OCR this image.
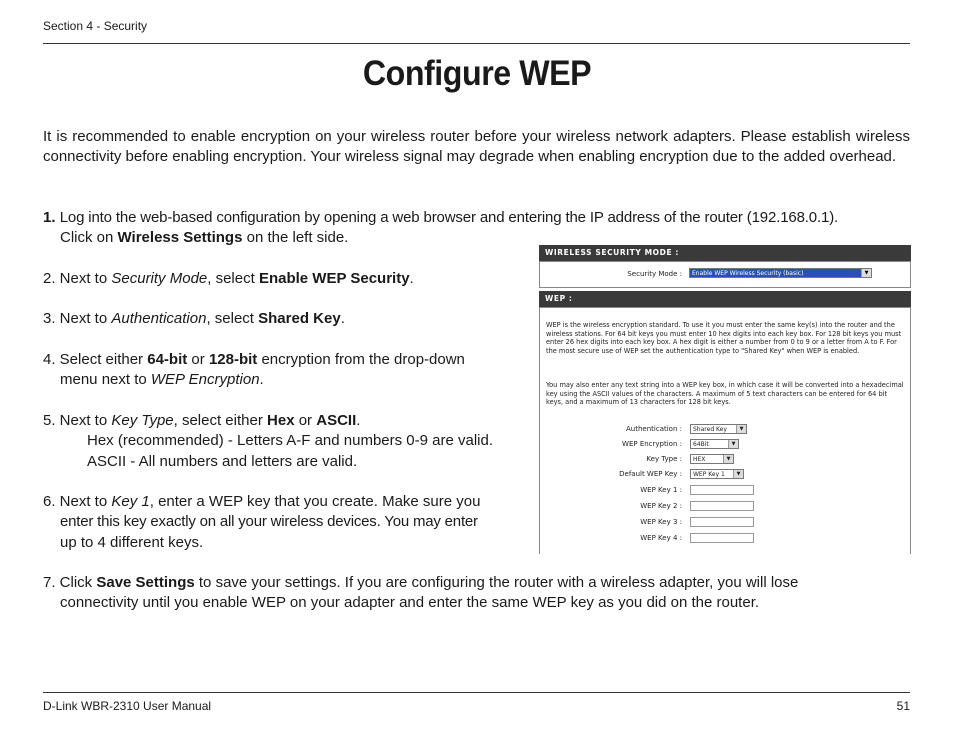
Section 4 - Security
Configure WEP
It is recommended to enable encryption on your wireless router before your wireless network adapters. Please establish wireless connectivity before enabling encryption. Your wireless signal may degrade when enabling encryption due to the added overhead.
1. Log into the web-based configuration by opening a web browser and entering the IP address of the router (192.168.0.1).
Click on Wireless Settings on the left side.
2. Next to Security Mode, select Enable WEP Security.
3. Next to Authentication, select Shared Key.
4. Select either 64-bit or 128-bit encryption from the drop-down
menu next to WEP Encryption.
5. Next to Key Type, select either Hex or ASCII.
Hex (recommended) - Letters A-F and numbers 0-9 are valid.
ASCII - All numbers and letters are valid.
6. Next to Key 1, enter a WEP key that you create. Make sure you
enter this key exactly on all your wireless devices. You may enter
up to 4 different keys.
7. Click Save Settings to save your settings. If you are configuring the router with a wireless adapter, you will lose
connectivity until you enable WEP on your adapter and enter the same WEP key as you did on the router.
WIRELESS SECURITY MODE :
Security Mode :	Enable WEP Wireless Security (basic)	▼
WEP :
WEP is the wireless encryption standard. To use it you must enter the same key(s) into the router and the wireless stations. For 64 bit keys you must enter 10 hex digits into each key box. For 128 bit keys you must enter 26 hex digits into each key box. A hex digit is either a number from 0 to 9 or a letter from A to F. For the most secure use of WEP set the authentication type to "Shared Key" when WEP is enabled.
You may also enter any text string into a WEP key box, in which case it will be converted into a hexadecimal key using the ASCII values of the characters. A maximum of 5 text characters can be entered for 64 bit keys, and a maximum of 13 characters for 128 bit keys.
Authentication :	Shared Key	▼
WEP Encryption :	64Bit	▼
Key Type :	HEX	▼
Default WEP Key :	WEP Key 1	▼
WEP Key 1 :
WEP Key 2 :
WEP Key 3 :
WEP Key 4 :
D-Link WBR-2310 User Manual	51
